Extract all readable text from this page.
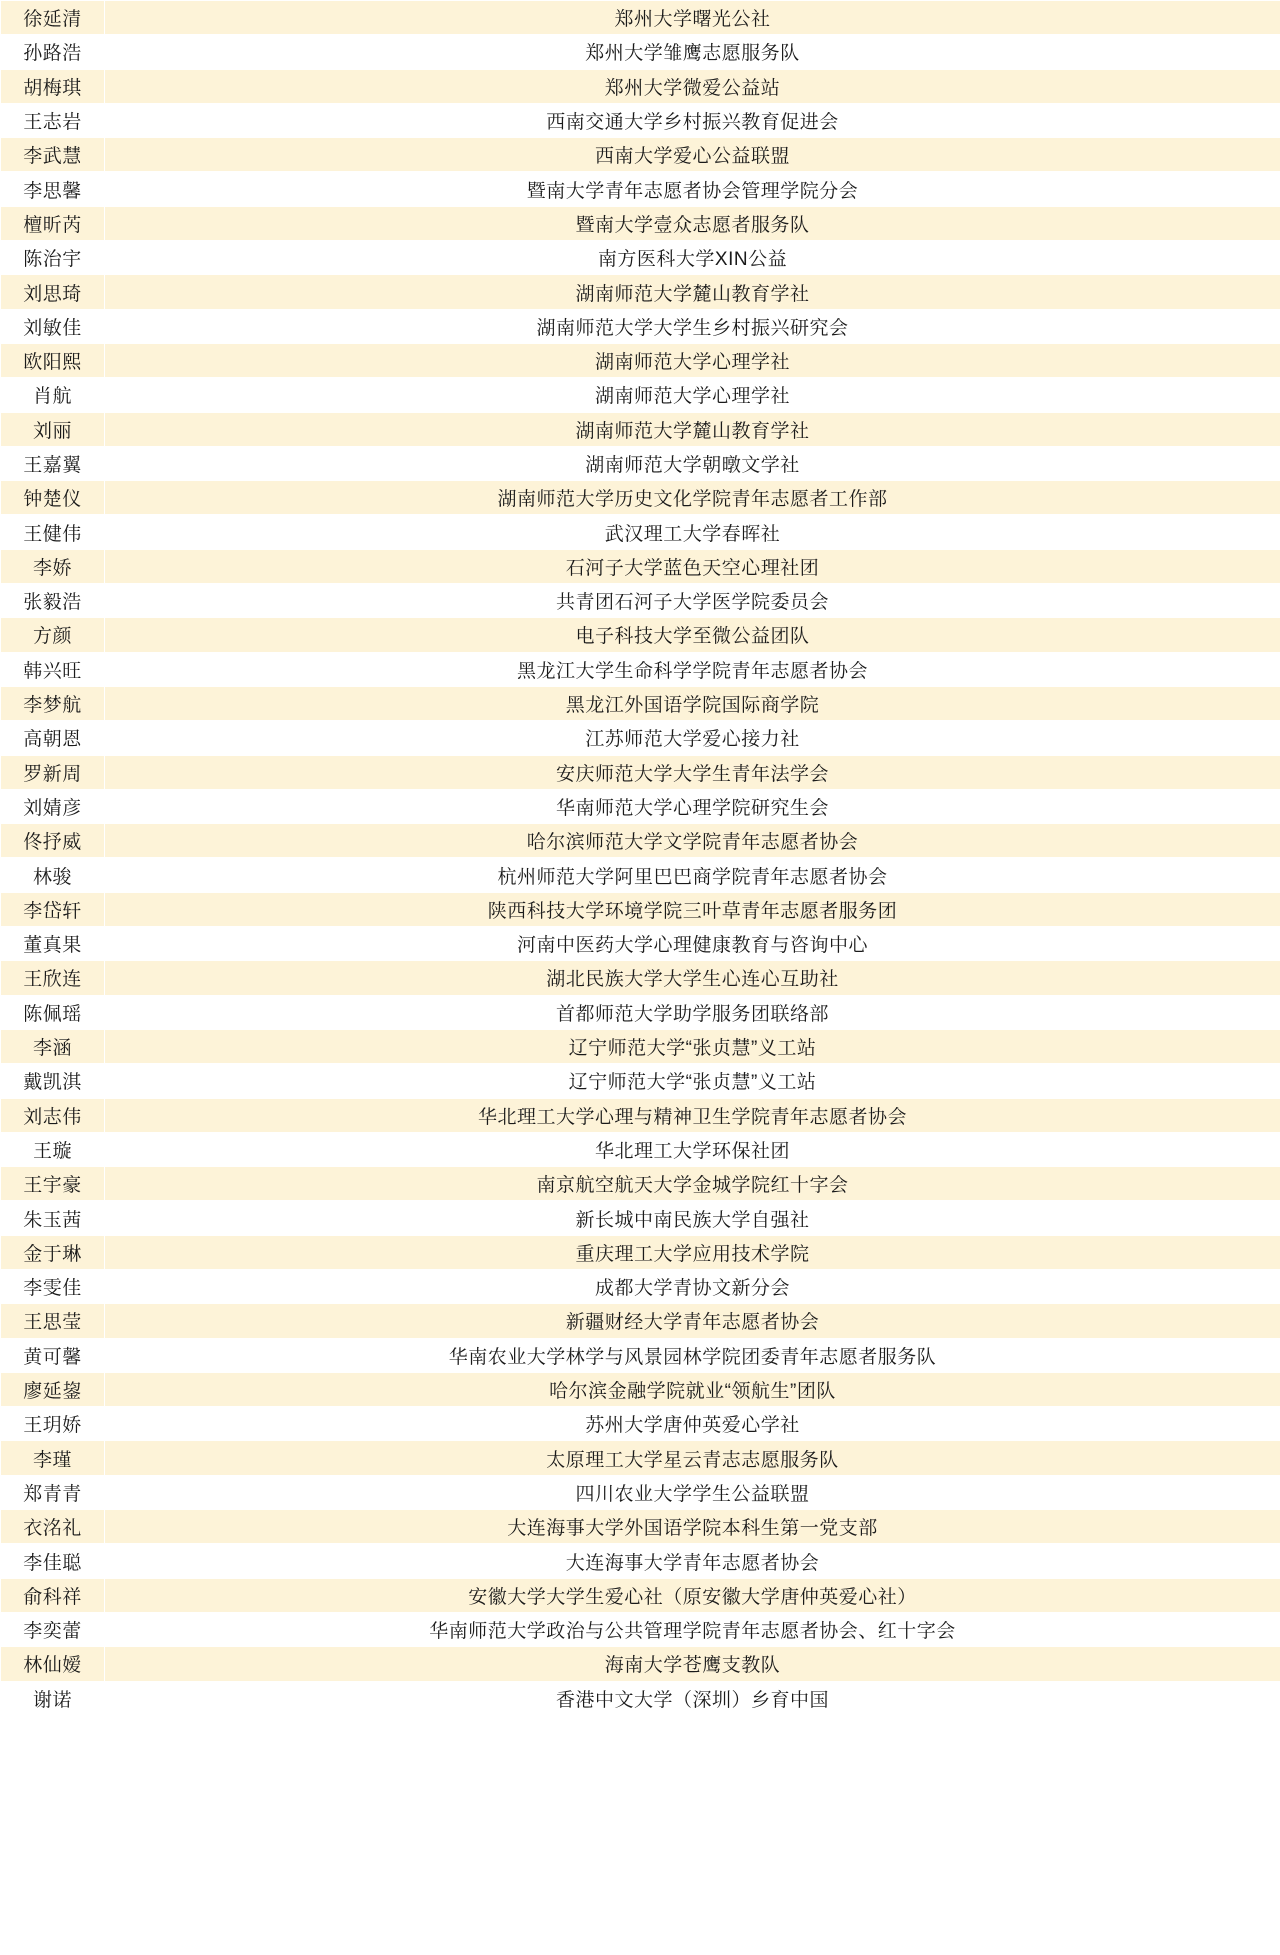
徐延清	郑州大学曙光公社
孙路浩	郑州大学雏鹰志愿服务队
胡梅琪	郑州大学微爱公益站
王志岩	西南交通大学乡村振兴教育促进会
李武慧	西南大学爱心公益联盟
李思馨	暨南大学青年志愿者协会管理学院分会
檀昕芮	暨南大学壹众志愿者服务队
陈治宇	南方医科大学XIN公益
刘思琦	湖南师范大学麓山教育学社
刘敏佳	湖南师范大学大学生乡村振兴研究会
欧阳熙	湖南师范大学心理学社
肖航	湖南师范大学心理学社
刘丽	湖南师范大学麓山教育学社
王嘉翼	湖南师范大学朝暾文学社
钟楚仪	湖南师范大学历史文化学院青年志愿者工作部
王健伟	武汉理工大学春晖社
李娇	石河子大学蓝色天空心理社团
张毅浩	共青团石河子大学医学院委员会
方颜	电子科技大学至微公益团队
韩兴旺	黑龙江大学生命科学学院青年志愿者协会
李梦航	黑龙江外国语学院国际商学院
高朝恩	江苏师范大学爱心接力社
罗新周	安庆师范大学大学生青年法学会
刘婧彦	华南师范大学心理学院研究生会
佟抒威	哈尔滨师范大学文学院青年志愿者协会
林骏	杭州师范大学阿里巴巴商学院青年志愿者协会
李岱轩	陕西科技大学环境学院三叶草青年志愿者服务团
董真果	河南中医药大学心理健康教育与咨询中心
王欣连	湖北民族大学大学生心连心互助社
陈佩瑶	首都师范大学助学服务团联络部
李涵	辽宁师范大学“张贞慧”义工站
戴凯淇	辽宁师范大学“张贞慧”义工站
刘志伟	华北理工大学心理与精神卫生学院青年志愿者协会
王璇	华北理工大学环保社团
王宇豪	南京航空航天大学金城学院红十字会
朱玉茜	新长城中南民族大学自强社
金于琳	重庆理工大学应用技术学院
李雯佳	成都大学青协文新分会
王思莹	新疆财经大学青年志愿者协会
黄可馨	华南农业大学林学与风景园林学院团委青年志愿者服务队
廖延鋆	哈尔滨金融学院就业“领航生”团队
王玥娇	苏州大学唐仲英爱心学社
李瑾	太原理工大学星云青志志愿服务队
郑青青	四川农业大学学生公益联盟
衣洺礼	大连海事大学外国语学院本科生第一党支部
李佳聪	大连海事大学青年志愿者协会
俞科祥	安徽大学大学生爱心社（原安徽大学唐仲英爱心社）
李奕蕾	华南师范大学政治与公共管理学院青年志愿者协会、红十字会
林仙嫒	海南大学苍鹰支教队
谢诺	香港中文大学（深圳）乡育中国
